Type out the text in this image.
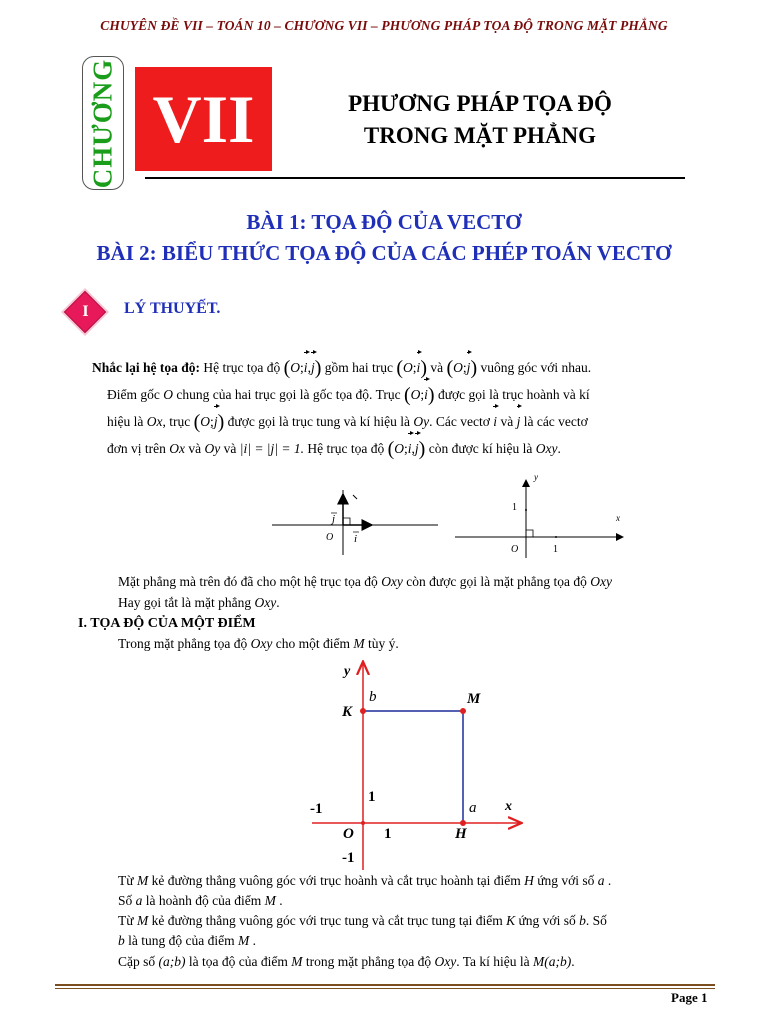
CHUYÊN ĐỀ VII – TOÁN 10 – CHƯƠNG VII – PHƯƠNG PHÁP TỌA ĐỘ TRONG MẶT PHẲNG
CHƯƠNG VII	PHƯƠNG PHÁP TỌA ĐỘ
TRONG MẶT PHẲNG
BÀI 1: TỌA ĐỘ CỦA VECTƠ
BÀI 2: BIỂU THỨC TỌA ĐỘ CỦA CÁC PHÉP TOÁN VECTƠ
I	LÝ THUYẾT.
Nhắc lại hệ tọa độ: Hệ trục tọa độ (O;i,j) gồm hai trục (O;i) và (O;j) vuông góc với nhau.
Điểm gốc O chung của hai trục gọi là gốc tọa độ. Trục (O;i) được gọi là trục hoành và kí
hiệu là Ox, trục (O;j) được gọi là trục tung và kí hiệu là Oy. Các vectơ i và j là các vectơ
đơn vị trên Ox và Oy và |i| = |j| = 1. Hệ trục tọa độ (O;i,j) còn được kí hiệu là Oxy.
O i
j
y
x
1
O	1
Mặt phẳng mà trên đó đã cho một hệ trục tọa độ Oxy còn được gọi là mặt phẳng tọa độ Oxy
Hay gọi tắt là mặt phẳng Oxy.
I. TỌA ĐỘ CỦA MỘT ĐIỂM
Trong mặt phẳng tọa độ Oxy cho một điểm M tùy ý.
y
x
b	M
K
1
-1	a
O 1	H
-1
Từ M kẻ đường thẳng vuông góc với trục hoành và cắt trục hoành tại điểm H ứng với số a .
Số a là hoành độ của điểm M .
Từ M kẻ đường thẳng vuông góc với trục tung và cắt trục tung tại điểm K ứng với số b. Số
b là tung độ của điểm M .
Cặp số (a;b) là tọa độ của điểm M trong mặt phẳng tọa độ Oxy. Ta kí hiệu là M(a;b).
Page 1
